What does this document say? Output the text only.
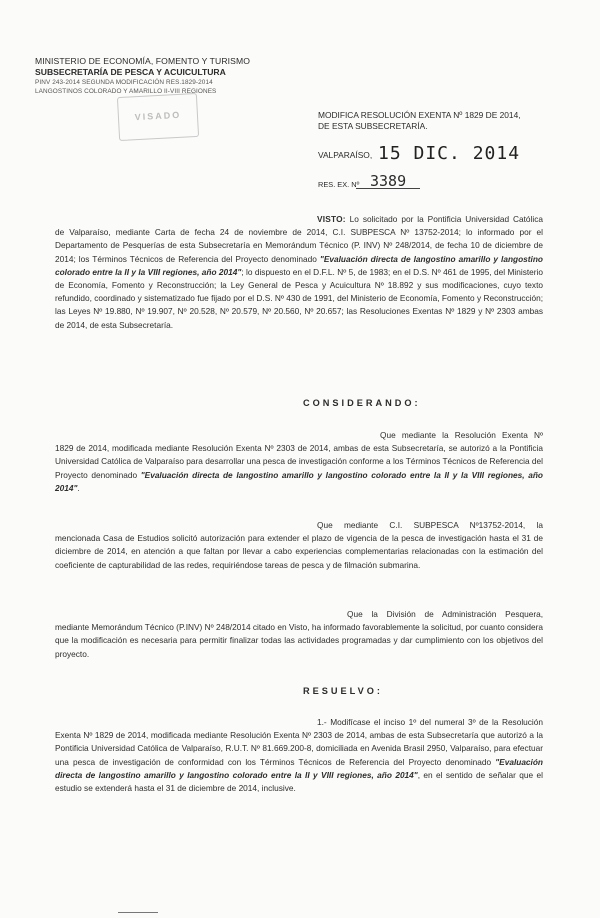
MINISTERIO DE ECONOMÍA, FOMENTO Y TURISMO
SUBSECRETARÍA DE PESCA Y ACUICULTURA
PINV 243-2014 SEGUNDA MODIFICACIÓN RES.1829-2014
LANGOSTINOS COLORADO Y AMARILLO II-VIII REGIONES
VISADO	MODIFICA RESOLUCIÓN EXENTA Nº 1829 DE 2014,
DE ESTA SUBSECRETARÍA.
VALPARAÍSO, 15 DIC. 2014
RES. EX. Nº 3389
VISTO: Lo solicitado por la Pontificia Universidad Católica de Valparaíso, mediante Carta de fecha 24 de noviembre de 2014, C.I. SUBPESCA Nº 13752-2014; lo informado por el Departamento de Pesquerías de esta Subsecretaría en Memorándum Técnico (P. INV) Nº 248/2014, de fecha 10 de diciembre de 2014; los Términos Técnicos de Referencia del Proyecto denominado "Evaluación directa de langostino amarillo y langostino colorado entre la II y la VIII regiones, año 2014"; lo dispuesto en el D.F.L. Nº 5, de 1983; en el D.S. Nº 461 de 1995, del Ministerio de Economía, Fomento y Reconstrucción; la Ley General de Pesca y Acuicultura Nº 18.892 y sus modificaciones, cuyo texto refundido, coordinado y sistematizado fue fijado por el D.S. Nº 430 de 1991, del Ministerio de Economía, Fomento y Reconstrucción; las Leyes Nº 19.880, Nº 19.907, Nº 20.528, Nº 20.579, Nº 20.560, Nº 20.657; las Resoluciones Exentas Nº 1829 y Nº 2303 ambas de 2014, de esta Subsecretaría.
CONSIDERANDO:
Que mediante la Resolución Exenta Nº 1829 de 2014, modificada mediante Resolución Exenta Nº 2303 de 2014, ambas de esta Subsecretaría, se autorizó a la Pontificia Universidad Católica de Valparaíso para desarrollar una pesca de investigación conforme a los Términos Técnicos de Referencia del Proyecto denominado "Evaluación directa de langostino amarillo y langostino colorado entre la II y la VIII regiones, año 2014".
Que mediante C.I. SUBPESCA Nº13752-2014, la mencionada Casa de Estudios solicitó autorización para extender el plazo de vigencia de la pesca de investigación hasta el 31 de diciembre de 2014, en atención a que faltan por llevar a cabo experiencias complementarias relacionadas con la estimación del coeficiente de capturabilidad de las redes, requiriéndose tareas de pesca y de filmación submarina.
Que la División de Administración Pesquera, mediante Memorándum Técnico (P.INV) Nº 248/2014 citado en Visto, ha informado favorablemente la solicitud, por cuanto considera que la modificación es necesaria para permitir finalizar todas las actividades programadas y dar cumplimiento con los objetivos del proyecto.
RESUELVO:
1.- Modifícase el inciso 1º del numeral 3º de la Resolución Exenta Nº 1829 de 2014, modificada mediante Resolución Exenta Nº 2303 de 2014, ambas de esta Subsecretaría que autorizó a la Pontificia Universidad Católica de Valparaíso, R.U.T. Nº 81.669.200-8, domiciliada en Avenida Brasil 2950, Valparaíso, para efectuar una pesca de investigación de conformidad con los Términos Técnicos de Referencia del Proyecto denominado "Evaluación directa de langostino amarillo y langostino colorado entre la II y VIII regiones, año 2014", en el sentido de señalar que el estudio se extenderá hasta el 31 de diciembre de 2014, inclusive.
